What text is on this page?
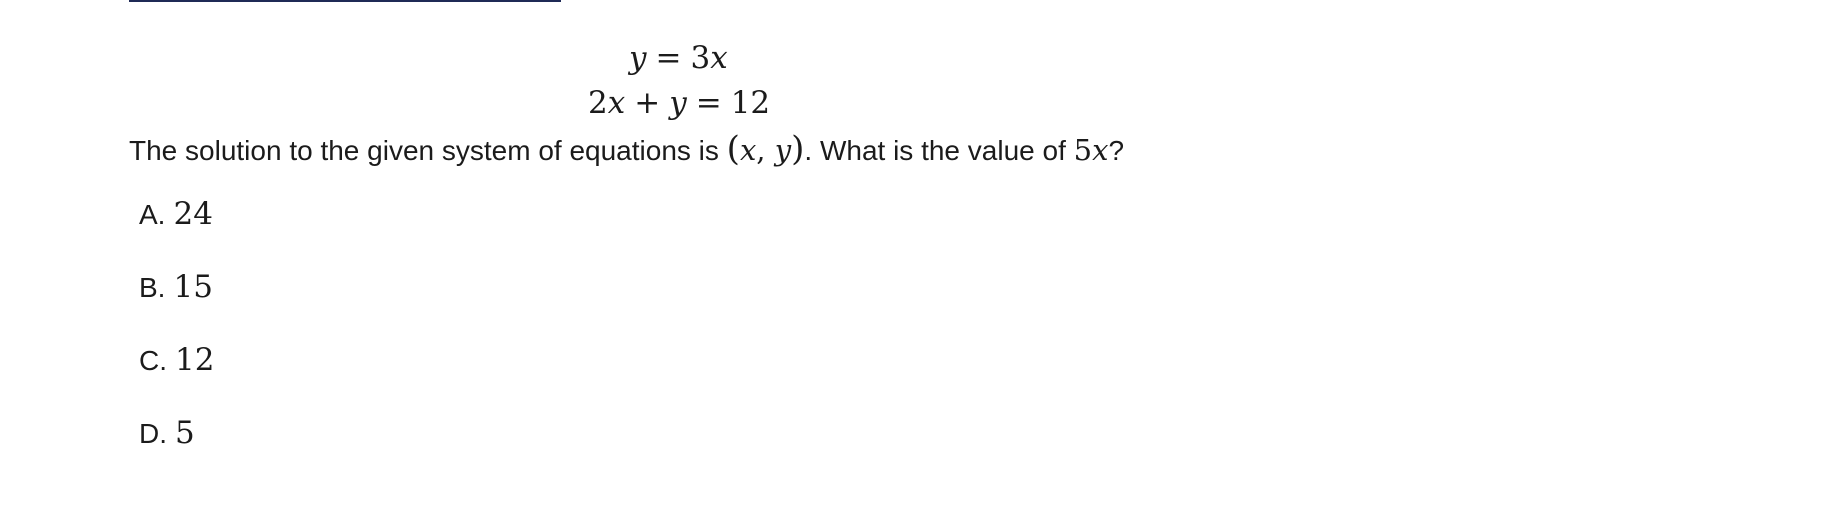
y = 3x
2x + y = 12
The solution to the given system of equations is (x, y). What is the value of 5x?
A. 24
B. 15
C. 12
D. 5
